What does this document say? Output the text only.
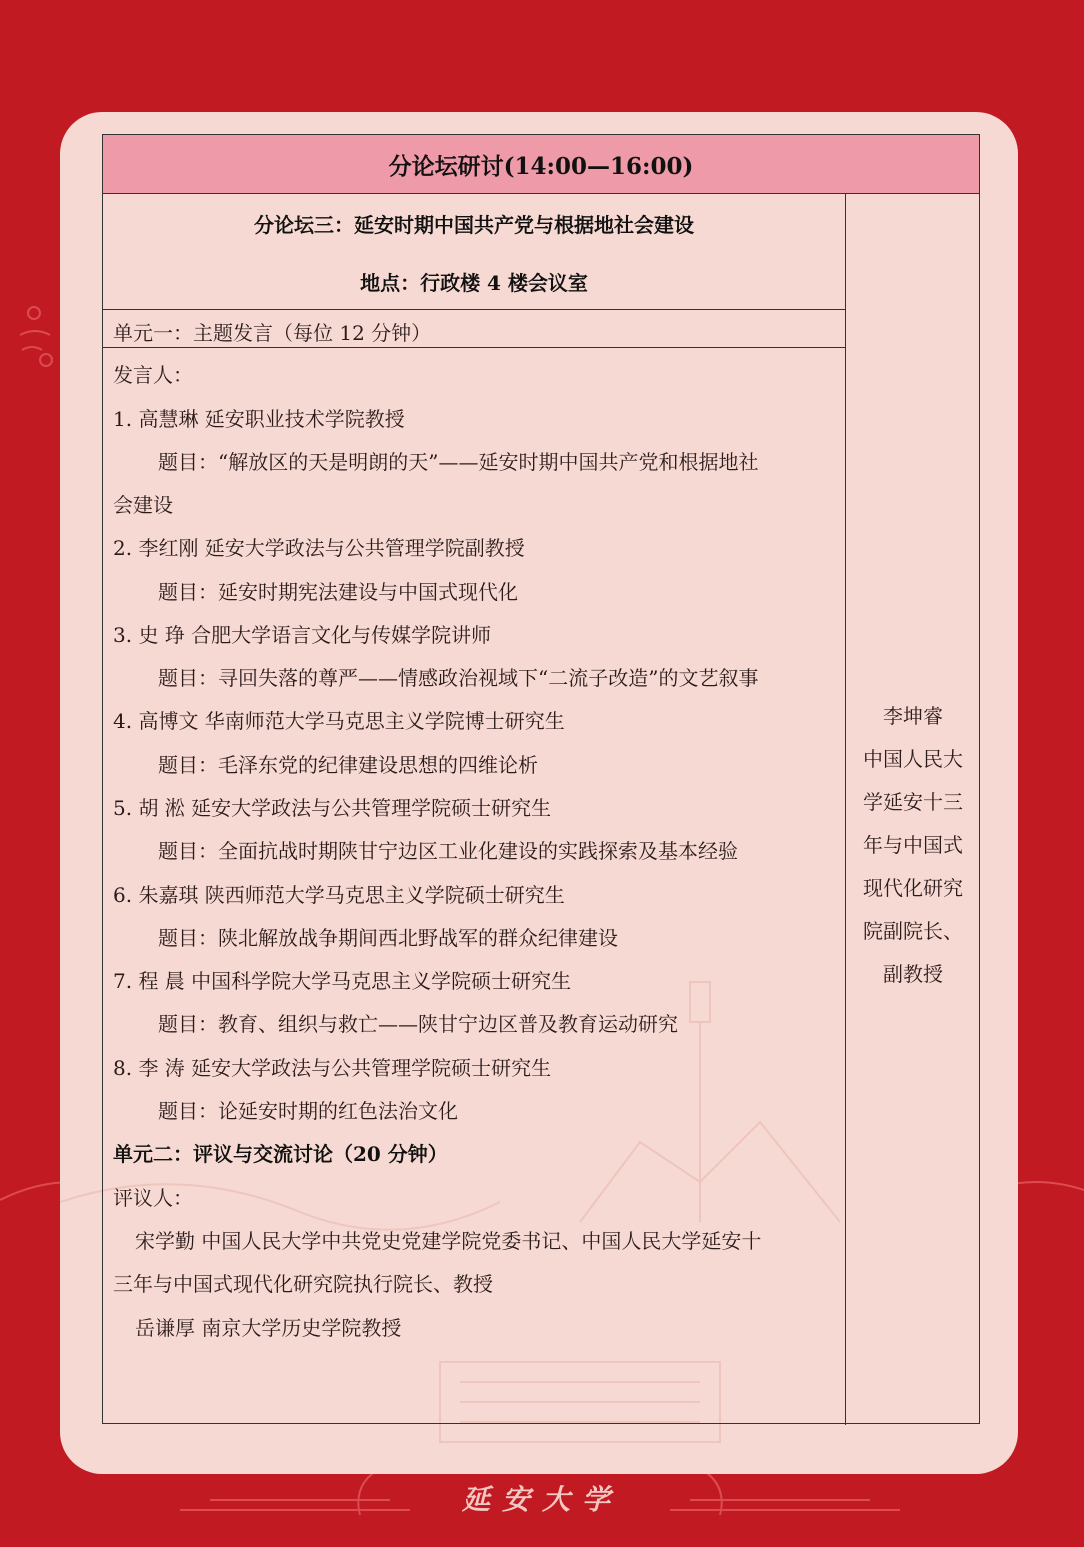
分论坛研讨(14:00—16:00)
分论坛三：延安时期中国共产党与根据地社会建设
地点：行政楼 4 楼会议室
单元一：主题发言（每位 12 分钟）
发言人：
1. 高慧琳 延安职业技术学院教授
题目：“解放区的天是明朗的天”——延安时期中国共产党和根据地社
会建设
2. 李红刚 延安大学政法与公共管理学院副教授
题目：延安时期宪法建设与中国式现代化
3. 史 琤 合肥大学语言文化与传媒学院讲师
题目：寻回失落的尊严——情感政治视域下“二流子改造”的文艺叙事
4. 高博文 华南师范大学马克思主义学院博士研究生
题目：毛泽东党的纪律建设思想的四维论析
5. 胡 淞 延安大学政法与公共管理学院硕士研究生
题目：全面抗战时期陕甘宁边区工业化建设的实践探索及基本经验
6. 朱嘉琪 陕西师范大学马克思主义学院硕士研究生
题目：陕北解放战争期间西北野战军的群众纪律建设
7. 程 晨 中国科学院大学马克思主义学院硕士研究生
题目：教育、组织与救亡——陕甘宁边区普及教育运动研究
8. 李 涛 延安大学政法与公共管理学院硕士研究生
题目：论延安时期的红色法治文化
单元二：评议与交流讨论（20 分钟）
评议人：
宋学勤 中国人民大学中共党史党建学院党委书记、中国人民大学延安十
三年与中国式现代化研究院执行院长、教授
岳谦厚 南京大学历史学院教授
李坤睿
中国人民大
学延安十三
年与中国式
现代化研究
院副院长、
副教授
延安大学
